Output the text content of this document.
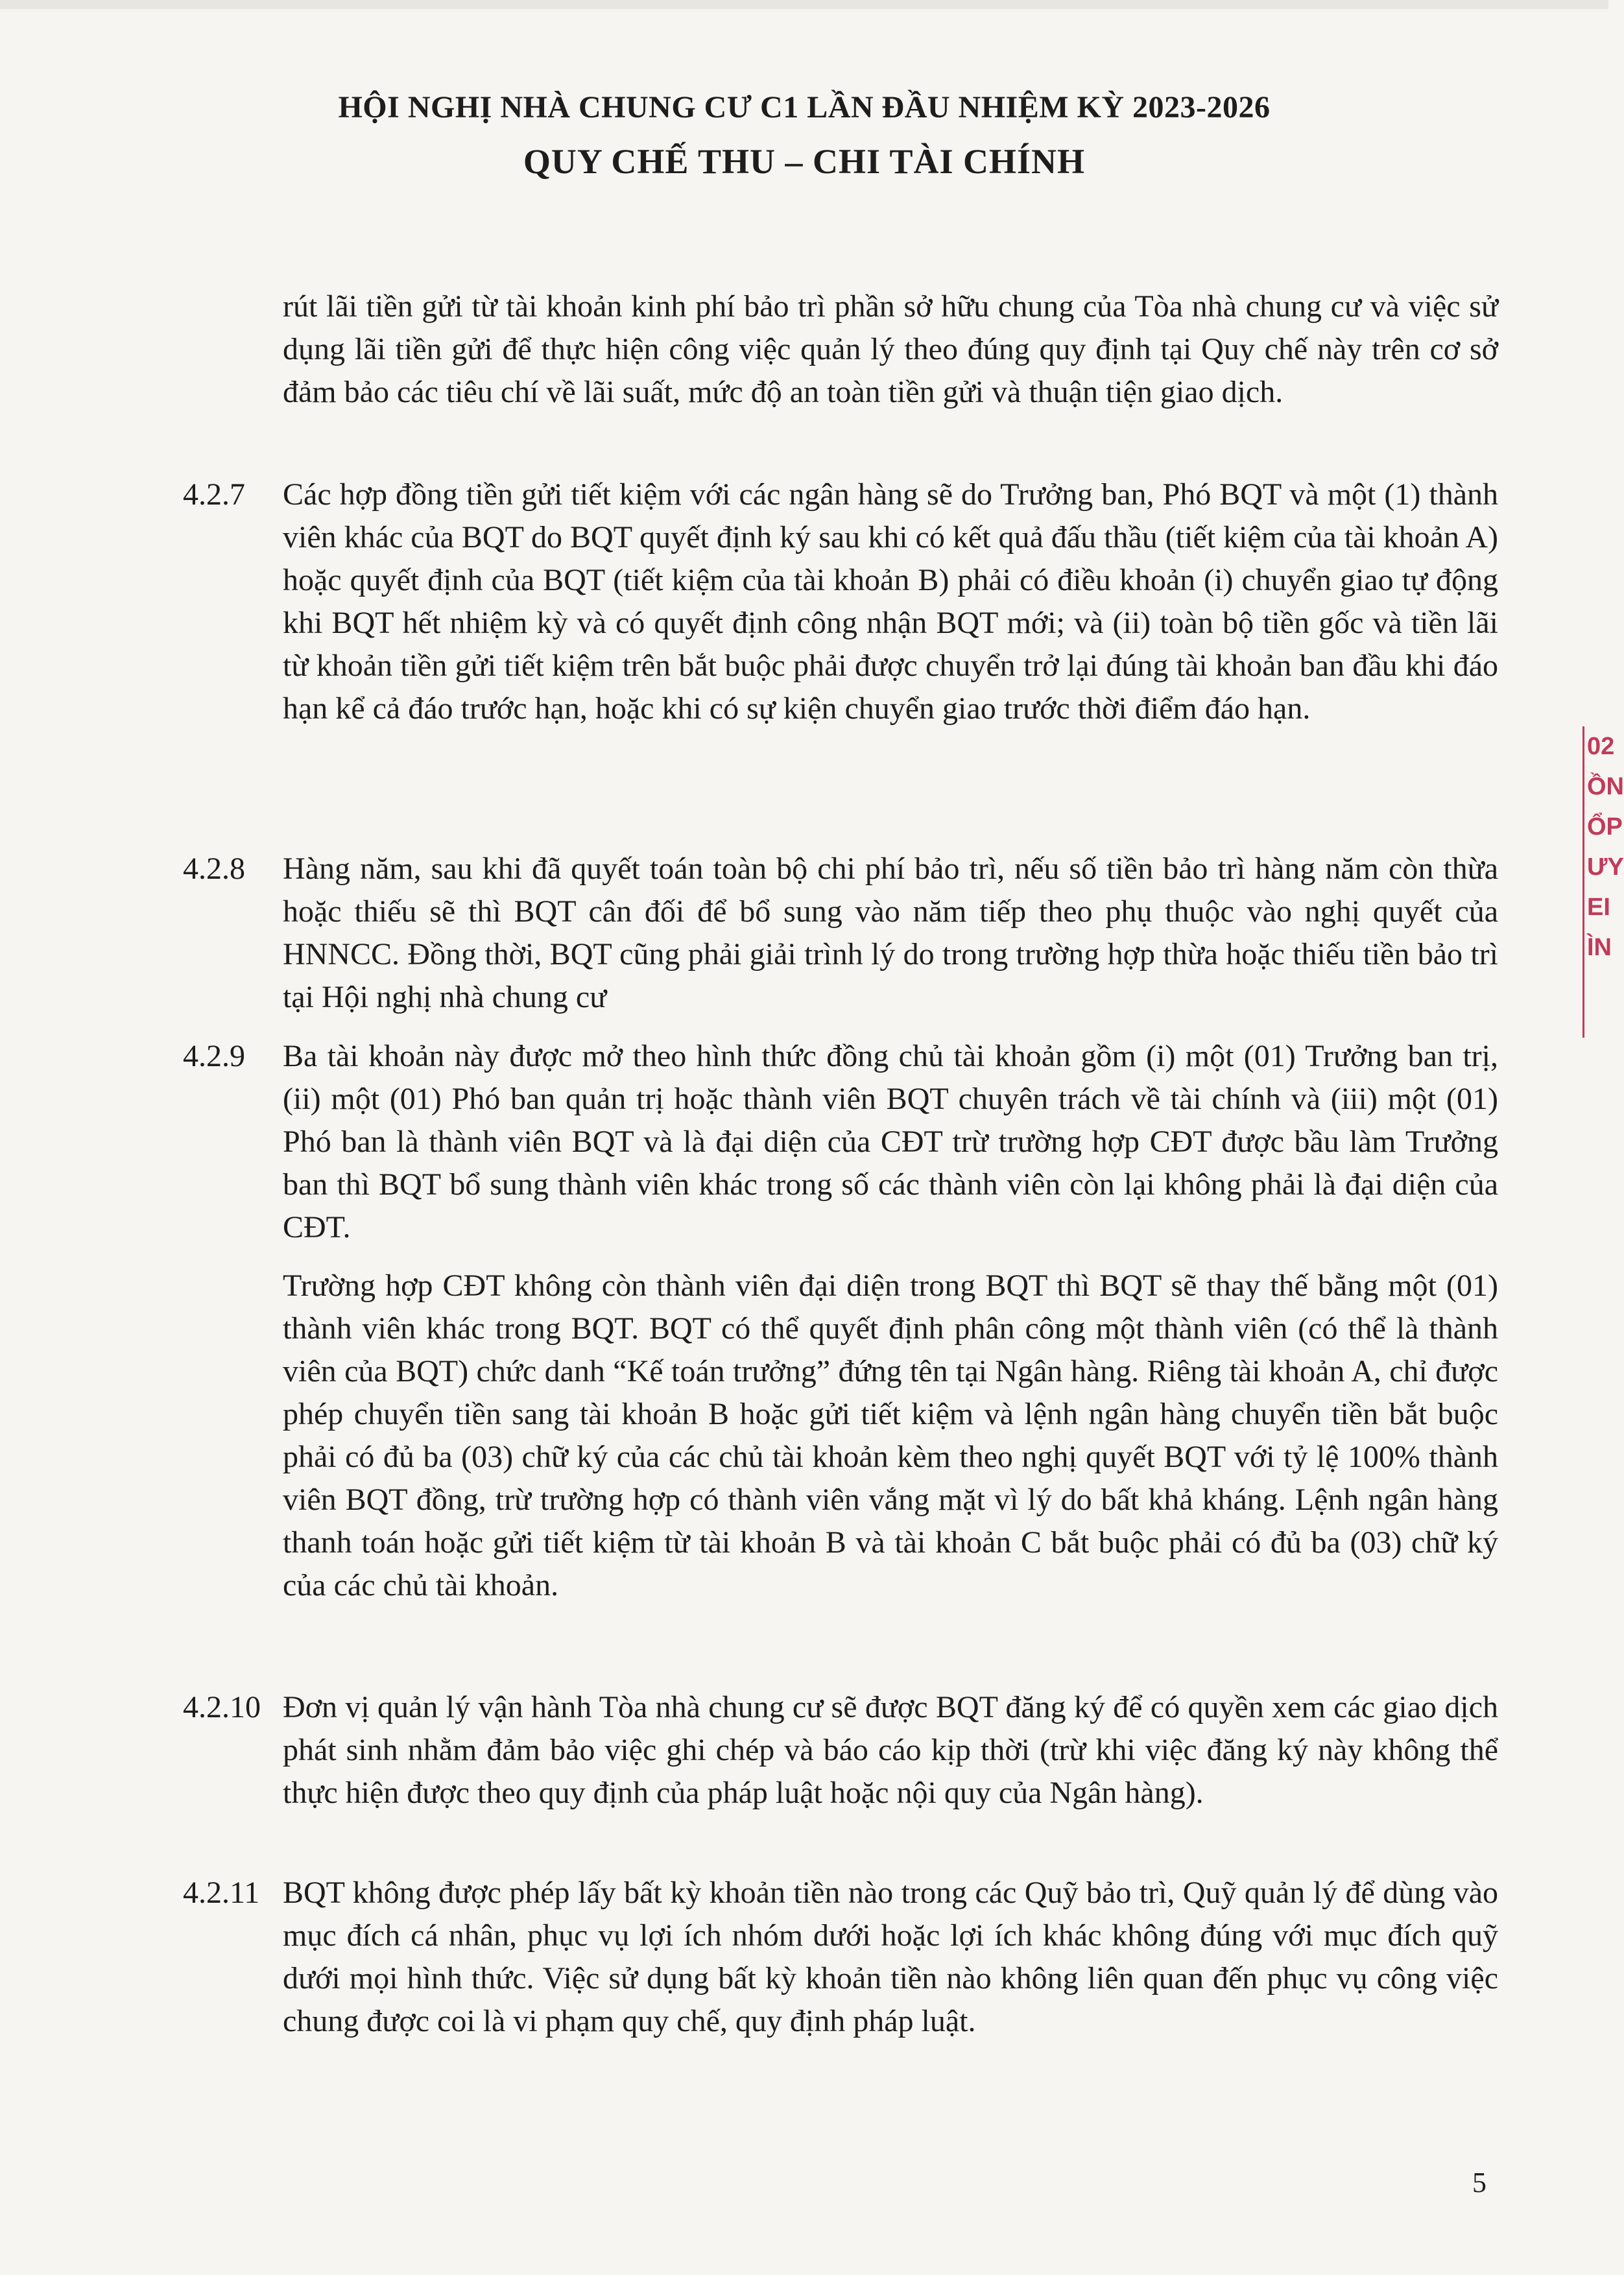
HỘI NGHỊ NHÀ CHUNG CƯ C1 LẦN ĐẦU NHIỆM KỲ 2023-2026
QUY CHẾ THU – CHI TÀI CHÍNH
rút lãi tiền gửi từ tài khoản kinh phí bảo trì phần sở hữu chung của Tòa nhà chung cư và việc sử dụng lãi tiền gửi để thực hiện công việc quản lý theo đúng quy định tại Quy chế này trên cơ sở đảm bảo các tiêu chí về lãi suất, mức độ an toàn tiền gửi và thuận tiện giao dịch.
4.2.7	Các hợp đồng tiền gửi tiết kiệm với các ngân hàng sẽ do Trưởng ban, Phó BQT và một (1) thành viên khác của BQT do BQT quyết định ký sau khi có kết quả đấu thầu (tiết kiệm của tài khoản A) hoặc quyết định của BQT (tiết kiệm của tài khoản B) phải có điều khoản (i) chuyển giao tự động khi BQT hết nhiệm kỳ và có quyết định công nhận BQT mới; và (ii) toàn bộ tiền gốc và tiền lãi từ khoản tiền gửi tiết kiệm trên bắt buộc phải được chuyển trở lại đúng tài khoản ban đầu khi đáo hạn kể cả đáo trước hạn, hoặc khi có sự kiện chuyển giao trước thời điểm đáo hạn.
4.2.8	Hàng năm, sau khi đã quyết toán toàn bộ chi phí bảo trì, nếu số tiền bảo trì hàng năm còn thừa hoặc thiếu sẽ thì BQT cân đối để bổ sung vào năm tiếp theo phụ thuộc vào nghị quyết của HNNCC. Đồng thời, BQT cũng phải giải trình lý do trong trường hợp thừa hoặc thiếu tiền bảo trì tại Hội nghị nhà chung cư
4.2.9	Ba tài khoản này được mở theo hình thức đồng chủ tài khoản gồm (i) một (01) Trưởng ban trị, (ii) một (01) Phó ban quản trị hoặc thành viên BQT chuyên trách về tài chính và (iii) một (01) Phó ban là thành viên BQT và là đại diện của CĐT trừ trường hợp CĐT được bầu làm Trưởng ban thì BQT bổ sung thành viên khác trong số các thành viên còn lại không phải là đại diện của CĐT.
Trường hợp CĐT không còn thành viên đại diện trong BQT thì BQT sẽ thay thế bằng một (01) thành viên khác trong BQT. BQT có thể quyết định phân công một thành viên (có thể là thành viên của BQT) chức danh “Kế toán trưởng” đứng tên tại Ngân hàng. Riêng tài khoản A, chỉ được phép chuyển tiền sang tài khoản B hoặc gửi tiết kiệm và lệnh ngân hàng chuyển tiền bắt buộc phải có đủ ba (03) chữ ký của các chủ tài khoản kèm theo nghị quyết BQT với tỷ lệ 100% thành viên BQT đồng, trừ trường hợp có thành viên vắng mặt vì lý do bất khả kháng. Lệnh ngân hàng thanh toán hoặc gửi tiết kiệm từ tài khoản B và tài khoản C bắt buộc phải có đủ ba (03) chữ ký của các chủ tài khoản.
4.2.10 Đơn vị quản lý vận hành Tòa nhà chung cư sẽ được BQT đăng ký để có quyền xem các giao dịch phát sinh nhằm đảm bảo việc ghi chép và báo cáo kịp thời (trừ khi việc đăng ký này không thể thực hiện được theo quy định của pháp luật hoặc nội quy của Ngân hàng).
4.2.11 BQT không được phép lấy bất kỳ khoản tiền nào trong các Quỹ bảo trì, Quỹ quản lý để dùng vào mục đích cá nhân, phục vụ lợi ích nhóm dưới hoặc lợi ích khác không đúng với mục đích quỹ dưới mọi hình thức. Việc sử dụng bất kỳ khoản tiền nào không liên quan đến phục vụ công việc chung được coi là vi phạm quy chế, quy định pháp luật.
5
02
ỒN
ỔP
ƯY
EI
ÌN
